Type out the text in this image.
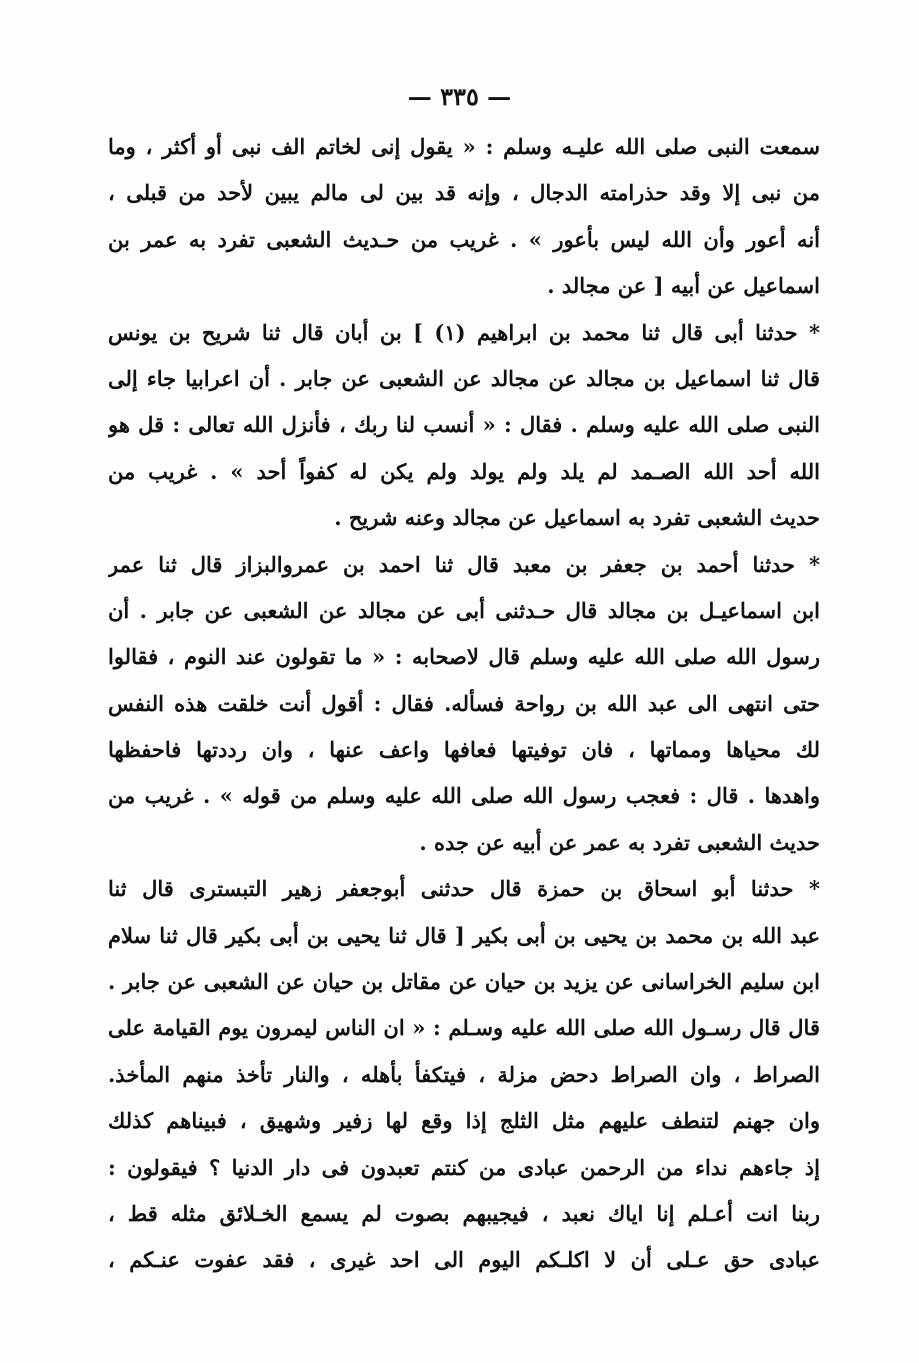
— ٣٣٥ —
سمعت النبى صلى الله عليـه وسلم : « يقول إنى لخاتم الف نبى أو أكثر ، وما
من نبى إلا وقد حذرامته الدجال ، وإنه قد بين لى مالم يبين لأحد من قبلى ،
أنه أعور وأن الله ليس بأعور » . غريب من حـديث الشعبى تفرد به عمر بن
اسماعيل عن أبيه [ عن مجالد .
* حدثنا أبى قال ثنا محمد بن ابراهيم (١) ] بن أبان قال ثنا شريح بن يونس
قال ثنا اسماعيل بن مجالد عن مجالد عن الشعبى عن جابر . أن اعرابيا جاء إلى
النبى صلى الله عليه وسلم . فقال : « أنسب لنا ربك ، فأنزل الله تعالى : قل هو
الله أحد الله الصـمد لم يلد ولم يولد ولم يكن له كفواً أحد » . غريب من
حديث الشعبى تفرد به اسماعيل عن مجالد وعنه شريح .
* حدثنا أحمد بن جعفر بن معبد قال ثنا احمد بن عمروالبزاز قال ثنا عمر
ابن اسماعيـل بن مجالد قال حـدثنى أبى عن مجالد عن الشعبى عن جابر . أن
رسول الله صلى الله عليه وسلم قال لاصحابه : « ما تقولون عند النوم ، فقالوا
حتى انتهى الى عبد الله بن رواحة فسأله. فقال : أقول أنت خلقت هذه النفس
لك محياها ومماتها ، فان توفيتها فعافها واعف عنها ، وان رددتها فاحفظها
واهدها . قال : فعجب رسول الله صلى الله عليه وسلم من قوله » . غريب من
حديث الشعبى تفرد به عمر عن أبيه عن جده .
* حدثنا أبو اسحاق بن حمزة قال حدثنى أبوجعفر زهير التبسترى قال ثنا
عبد الله بن محمد بن يحيى بن أبى بكير [ قال ثنا يحيى بن أبى بكير قال ثنا سلام
ابن سليم الخراسانى عن يزيد بن حيان عن مقاتل بن حيان عن الشعبى عن جابر .
قال قال رسـول الله صلى الله عليه وسـلم : « ان الناس ليمرون يوم القيامة على
الصراط ، وان الصراط دحض مزلة ، فيتكفأ بأهله ، والنار تأخذ منهم المأخذ.
وان جهنم لتنطف عليهم مثل الثلج إذا وقع لها زفير وشهيق ، فبيناهم كذلك
إذ جاءهم نداء من الرحمن عبادى من كنتم تعبدون فى دار الدنيا ؟ فيقولون :
ربنا انت أعـلم إنا اياك نعبد ، فيجيبهم بصوت لم يسمع الخـلائق مثله قط ،
عبادى حق عـلى أن لا اكلـكم اليوم الى احد غيرى ، فقد عفوت عنـكم ،
